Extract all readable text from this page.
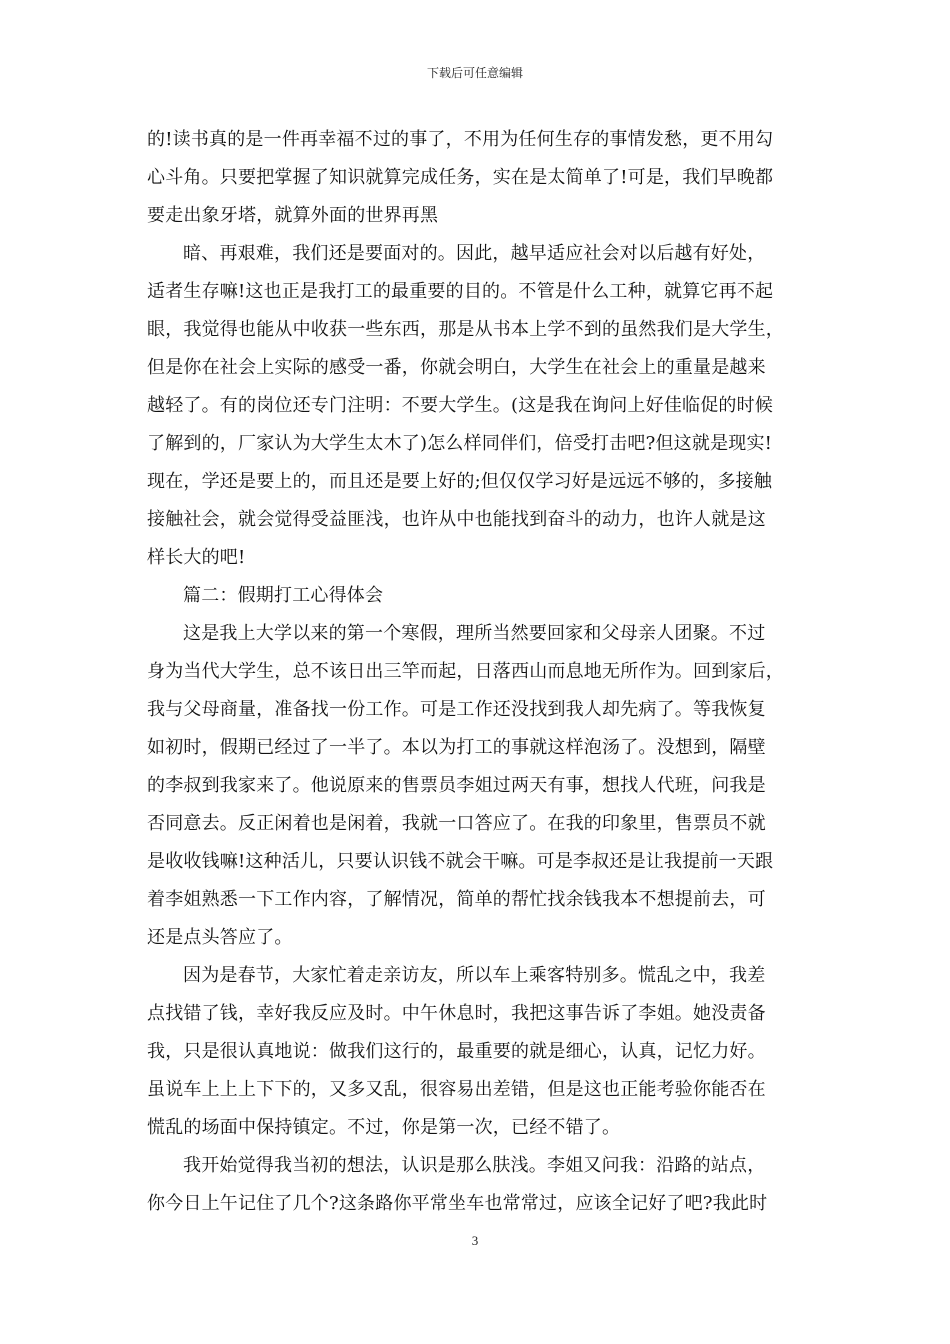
下载后可任意编辑
的!读书真的是一件再幸福不过的事了，不用为任何生存的事情发愁，更不用勾
心斗角。只要把掌握了知识就算完成任务，实在是太简单了!可是，我们早晚都
要走出象牙塔，就算外面的世界再黑
暗、再艰难，我们还是要面对的。因此，越早适应社会对以后越有好处，
适者生存嘛!这也正是我打工的最重要的目的。不管是什么工种，就算它再不起
眼，我觉得也能从中收获一些东西，那是从书本上学不到的虽然我们是大学生，
但是你在社会上实际的感受一番，你就会明白，大学生在社会上的重量是越来
越轻了。有的岗位还专门注明：不要大学生。(这是我在询问上好佳临促的时候
了解到的，厂家认为大学生太木了)怎么样同伴们，倍受打击吧?但这就是现实!
现在，学还是要上的，而且还是要上好的;但仅仅学习好是远远不够的，多接触
接触社会，就会觉得受益匪浅，也许从中也能找到奋斗的动力，也许人就是这
样长大的吧!
篇二：假期打工心得体会
这是我上大学以来的第一个寒假，理所当然要回家和父母亲人团聚。不过
身为当代大学生，总不该日出三竿而起，日落西山而息地无所作为。回到家后，
我与父母商量，准备找一份工作。可是工作还没找到我人却先病了。等我恢复
如初时，假期已经过了一半了。本以为打工的事就这样泡汤了。没想到，隔壁
的李叔到我家来了。他说原来的售票员李姐过两天有事，想找人代班，问我是
否同意去。反正闲着也是闲着，我就一口答应了。在我的印象里，售票员不就
是收收钱嘛!这种活儿，只要认识钱不就会干嘛。可是李叔还是让我提前一天跟
着李姐熟悉一下工作内容，了解情况，简单的帮忙找余钱我本不想提前去，可
还是点头答应了。
因为是春节，大家忙着走亲访友，所以车上乘客特别多。慌乱之中，我差
点找错了钱，幸好我反应及时。中午休息时，我把这事告诉了李姐。她没责备
我，只是很认真地说：做我们这行的，最重要的就是细心，认真，记忆力好。
虽说车上上上下下的，又多又乱，很容易出差错，但是这也正能考验你能否在
慌乱的场面中保持镇定。不过，你是第一次，已经不错了。
我开始觉得我当初的想法，认识是那么肤浅。李姐又问我：沿路的站点，
你今日上午记住了几个?这条路你平常坐车也常常过，应该全记好了吧?我此时
3
